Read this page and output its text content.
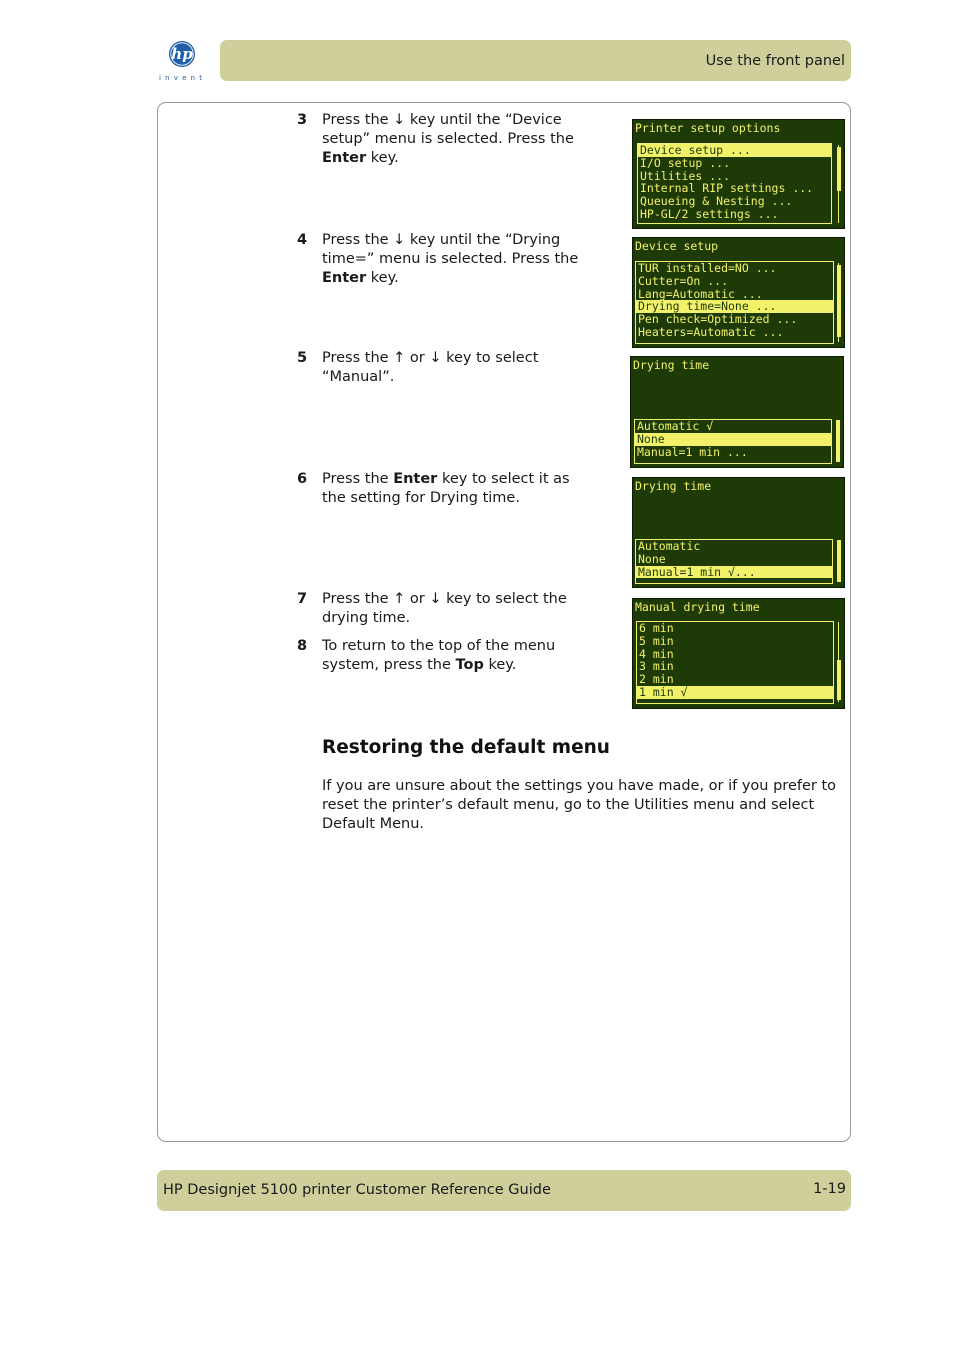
hp
invent
Use the front panel
3	Press the ↓ key until the “Device setup” menu is selected. Press the Enter key.
4	Press the ↓ key until the “Drying time=” menu is selected. Press the Enter key.
5	Press the ↑ or ↓ key to select “Manual”.
6	Press the Enter key to select it as the setting for Drying time.
7	Press the ↑ or ↓ key to select the drying time.
8	To return to the top of the menu system, press the Top key.
Printer setup options
Device setup ...
I/O setup ...
Utilities ...
Internal RIP settings ...
Queueing & Nesting ...
HP-GL/2 settings ...
Device setup
TUR installed=NO ...
Cutter=On ...
Lang=Automatic ...
Drying time=None ...
Pen check=Optimized ...
Heaters=Automatic ...
Drying time
Automatic √
None
Manual=1 min ...
Drying time
Automatic
None
Manual=1 min √...
Manual drying time
6 min
5 min
4 min
3 min
2 min
1 min √
Restoring the default menu
If you are unsure about the settings you have made, or if you prefer to reset the printer’s default menu, go to the Utilities menu and select Default Menu.
HP Designjet 5100 printer Customer Reference Guide	1-19
